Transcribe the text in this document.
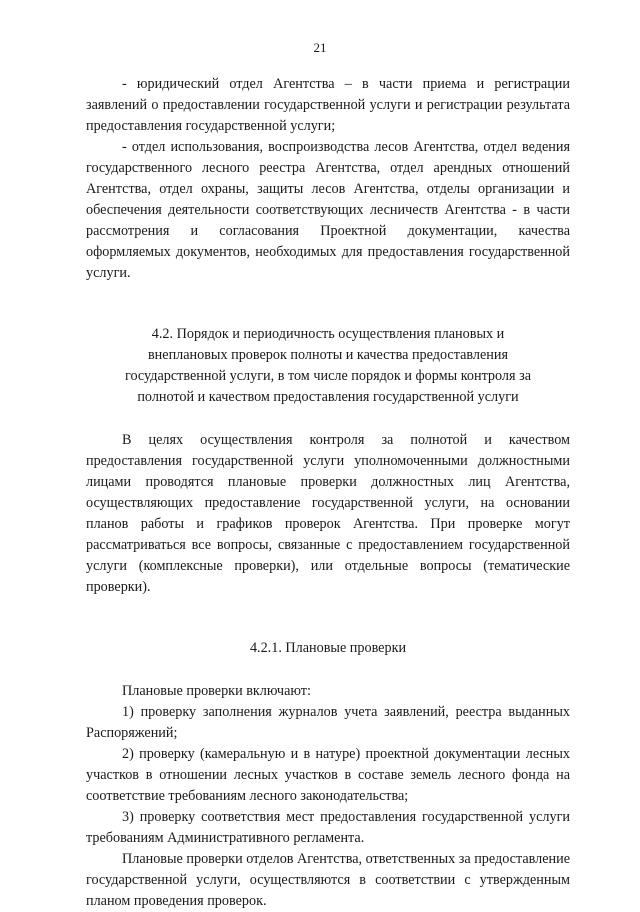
21

- юридический отдел Агентства – в части приема и регистрации заявлений о предоставлении государственной услуги и регистрации результата предоставления государственной услуги;

- отдел использования, воспроизводства лесов Агентства, отдел ведения государственного лесного реестра Агентства, отдел арендных отношений Агентства, отдел охраны, защиты лесов Агентства, отделы организации и обеспечения деятельности соответствующих лесничеств Агентства - в части рассмотрения и согласования Проектной документации, качества оформляемых документов, необходимых для предоставления государственной услуги.

4.2. Порядок и периодичность осуществления плановых и внеплановых проверок полноты и качества предоставления государственной услуги, в том числе порядок и формы контроля за полнотой и качеством предоставления государственной услуги

В целях осуществления контроля за полнотой и качеством предоставления государственной услуги уполномоченными должностными лицами проводятся плановые проверки должностных лиц Агентства, осуществляющих предоставление государственной услуги, на основании планов работы и графиков проверок Агентства. При проверке могут рассматриваться все вопросы, связанные с предоставлением государственной услуги (комплексные проверки), или отдельные вопросы (тематические проверки).

4.2.1. Плановые проверки

Плановые проверки включают:

1) проверку заполнения журналов учета заявлений, реестра выданных Распоряжений;

2) проверку (камеральную и в натуре) проектной документации лесных участков в отношении лесных участков в составе земель лесного фонда на соответствие требованиям лесного законодательства;

3) проверку соответствия мест предоставления государственной услуги требованиям Административного регламента.

Плановые проверки отделов Агентства, ответственных за предоставление государственной услуги, осуществляются в соответствии с утвержденным планом проведения проверок.
